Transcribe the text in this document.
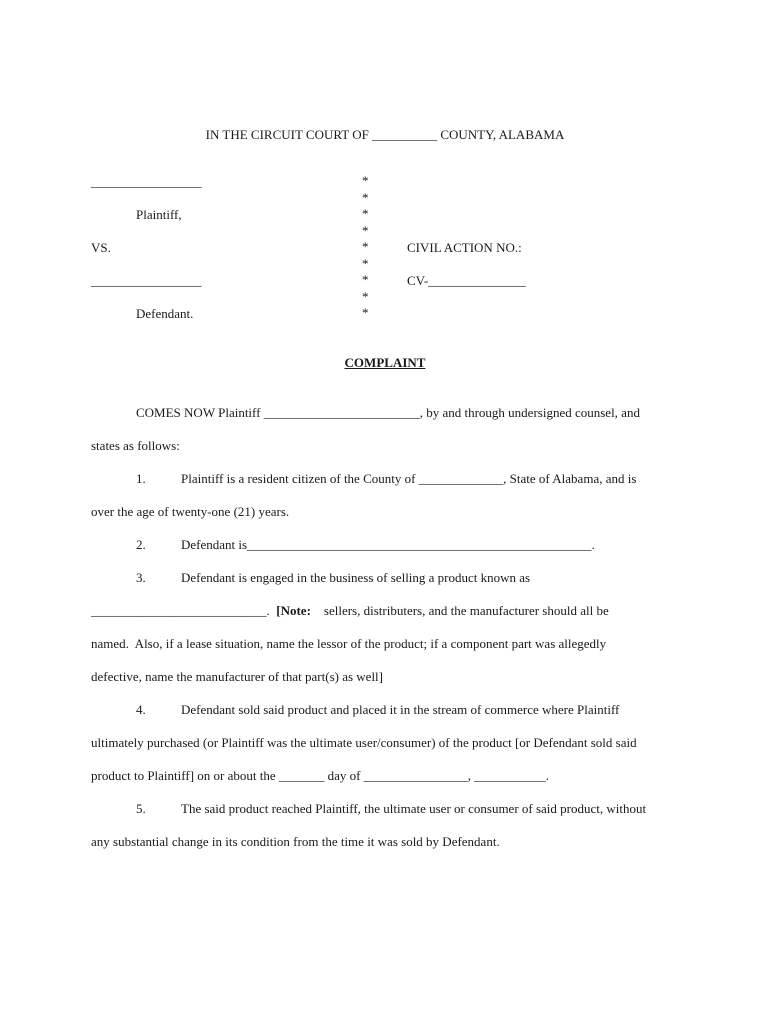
IN THE CIRCUIT COURT OF __________ COUNTY, ALABAMA
_________________
Plaintiff,
VS.
_________________
Defendant.
*
*
*
*
*
*
*
*
*
CIVIL ACTION NO.:
CV-_______________
COMPLAINT
COMES NOW Plaintiff ________________________, by and through undersigned counsel, and
states as follows:
1.	Plaintiff is a resident citizen of the County of _____________, State of Alabama, and is
over the age of twenty-one (21) years.
2.	Defendant is_____________________________________________________.
3.	Defendant is engaged in the business of selling a product known as
___________________________. [Note: sellers, distributers, and the manufacturer should all be
named.  Also, if a lease situation, name the lessor of the product; if a component part was allegedly
defective, name the manufacturer of that part(s) as well]
4.	Defendant sold said product and placed it in the stream of commerce where Plaintiff
ultimately purchased (or Plaintiff was the ultimate user/consumer) of the product [or Defendant sold said
product to Plaintiff] on or about the _______ day of ________________, ___________.
5.	The said product reached Plaintiff, the ultimate user or consumer of said product, without
any substantial change in its condition from the time it was sold by Defendant.
